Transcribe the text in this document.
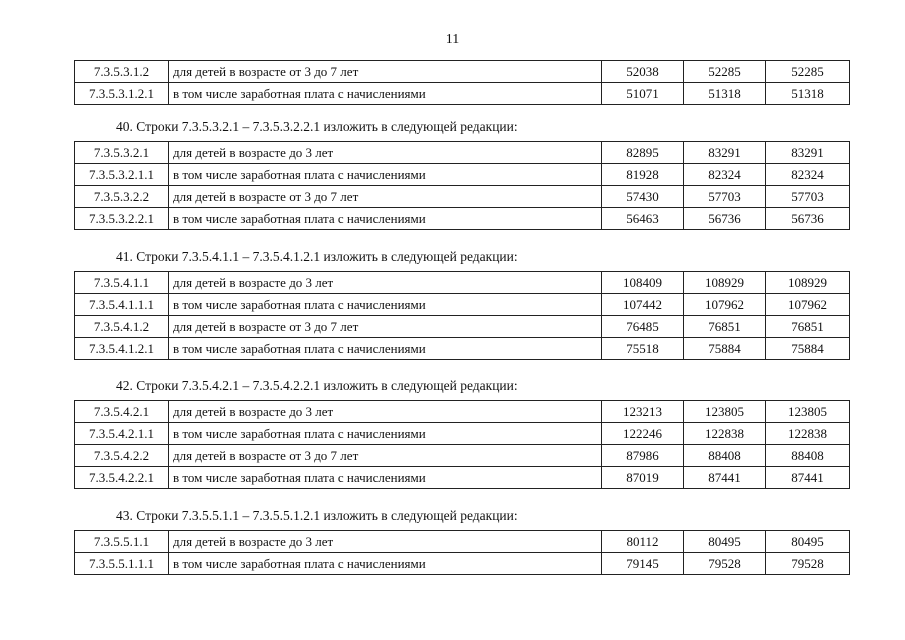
11
7.3.5.3.1.2	для детей в возрасте от 3 до 7 лет	52038	52285	52285
7.3.5.3.1.2.1	в том числе заработная плата с начислениями	51071	51318	51318
40. Строки 7.3.5.3.2.1 – 7.3.5.3.2.2.1 изложить в следующей редакции:
7.3.5.3.2.1	для детей в возрасте до 3 лет	82895	83291	83291
7.3.5.3.2.1.1	в том числе заработная плата с начислениями	81928	82324	82324
7.3.5.3.2.2	для детей в возрасте от 3 до 7 лет	57430	57703	57703
7.3.5.3.2.2.1	в том числе заработная плата с начислениями	56463	56736	56736
41. Строки 7.3.5.4.1.1 – 7.3.5.4.1.2.1 изложить в следующей редакции:
7.3.5.4.1.1	для детей в возрасте до 3 лет	108409	108929	108929
7.3.5.4.1.1.1	в том числе заработная плата с начислениями	107442	107962	107962
7.3.5.4.1.2	для детей в возрасте от 3 до 7 лет	76485	76851	76851
7.3.5.4.1.2.1	в том числе заработная плата с начислениями	75518	75884	75884
42. Строки 7.3.5.4.2.1 – 7.3.5.4.2.2.1 изложить в следующей редакции:
7.3.5.4.2.1	для детей в возрасте до 3 лет	123213	123805	123805
7.3.5.4.2.1.1	в том числе заработная плата с начислениями	122246	122838	122838
7.3.5.4.2.2	для детей в возрасте от 3 до 7 лет	87986	88408	88408
7.3.5.4.2.2.1	в том числе заработная плата с начислениями	87019	87441	87441
43. Строки 7.3.5.5.1.1 – 7.3.5.5.1.2.1 изложить в следующей редакции:
7.3.5.5.1.1	для детей в возрасте до 3 лет	80112	80495	80495
7.3.5.5.1.1.1	в том числе заработная плата с начислениями	79145	79528	79528
